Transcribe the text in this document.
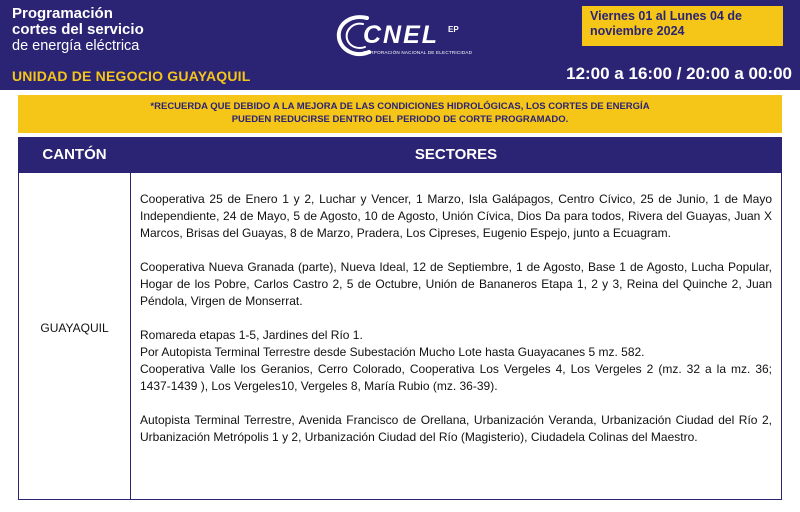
Programación
cortes del servicio
de energía eléctrica
UNIDAD DE NEGOCIO GUAYAQUIL
CNEL EP
CORPORACIÓN NACIONAL DE ELECTRICIDAD
Viernes 01 al Lunes 04 de
noviembre 2024
12:00 a 16:00 / 20:00 a 00:00
*RECUERDA QUE DEBIDO A LA MEJORA DE LAS CONDICIONES HIDROLÓGICAS, LOS CORTES DE ENERGÍA
PUEDEN REDUCIRSE DENTRO DEL PERIODO DE CORTE PROGRAMADO.
CANTÓN	SECTORES
GUAYAQUIL

Cooperativa 25 de Enero 1 y 2, Luchar y Vencer, 1 Marzo, Isla Galápagos, Centro Cívico, 25 de Junio, 1 de Mayo Independiente, 24 de Mayo, 5 de Agosto, 10 de Agosto, Unión Cívica, Dios Da para todos, Rivera del Guayas, Juan X Marcos, Brisas del Guayas, 8 de Marzo, Pradera, Los Cipreses, Eugenio Espejo, junto a Ecuagram.

Cooperativa Nueva Granada (parte), Nueva Ideal, 12 de Septiembre, 1 de Agosto, Base 1 de Agosto, Lucha Popular, Hogar de los Pobre, Carlos Castro 2, 5 de Octubre, Unión de Bananeros Etapa 1, 2 y 3, Reina del Quinche 2, Juan Péndola, Virgen de Monserrat.

Romareda etapas 1-5, Jardines del Río 1.

Por Autopista Terminal Terrestre desde Subestación Mucho Lote hasta Guayacanes 5 mz. 582.

Cooperativa Valle los Geranios, Cerro Colorado, Cooperativa Los Vergeles 4, Los Vergeles 2 (mz. 32 a la mz. 36; 1437-1439 ), Los Vergeles10, Vergeles 8, María Rubio (mz. 36-39).

Autopista Terminal Terrestre, Avenida Francisco de Orellana, Urbanización Veranda, Urbanización Ciudad del Río 2, Urbanización Metrópolis 1 y 2, Urbanización Ciudad del Río (Magisterio), Ciudadela Colinas del Maestro.
